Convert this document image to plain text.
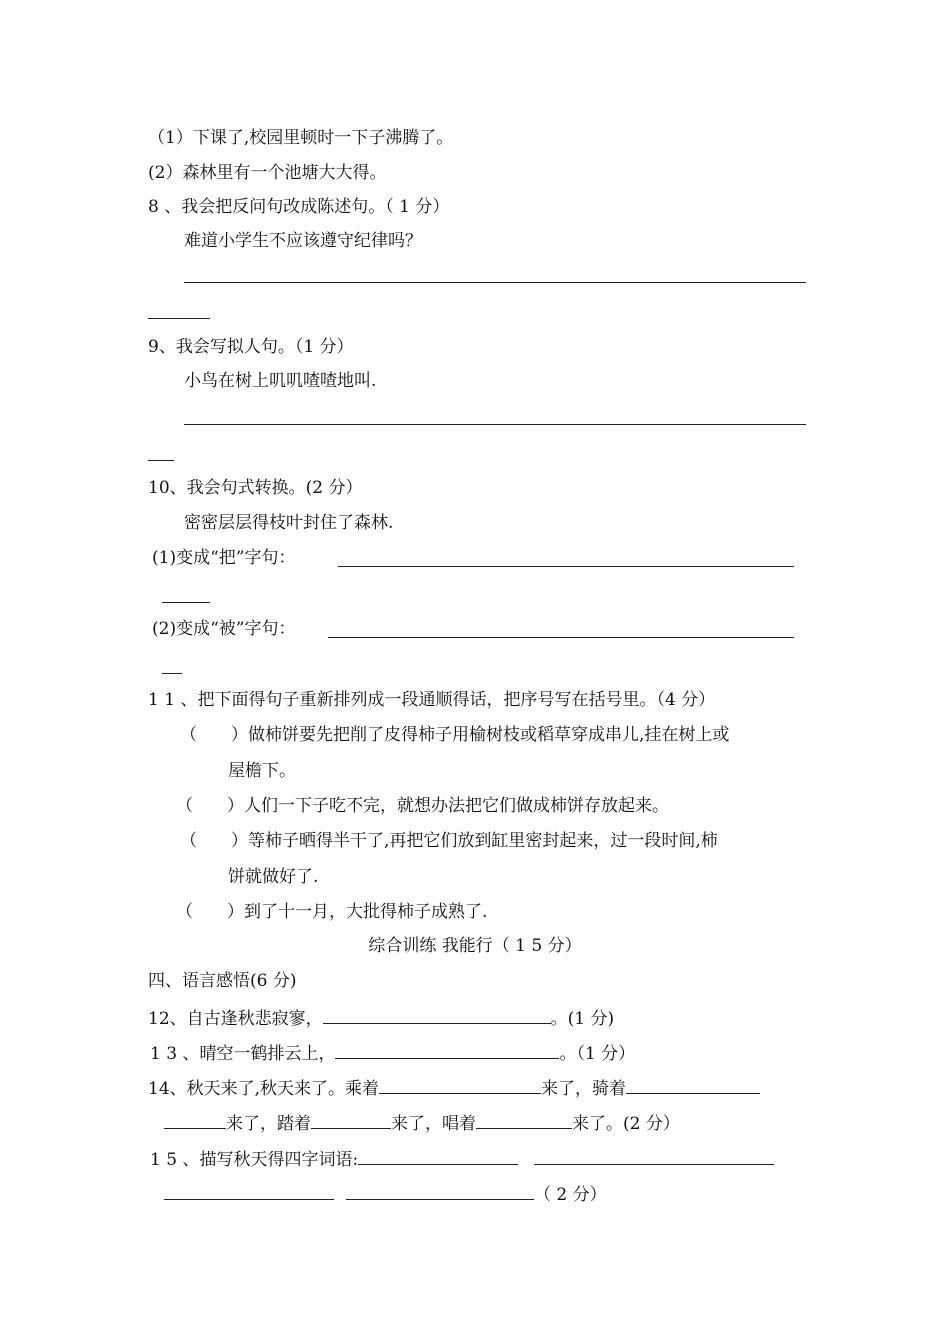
（1）下课了,校园里顿时一下子沸腾了。
(2）森林里有一个池塘大大得。
8 、我会把反问句改成陈述句。（ 1 分）
难道小学生不应该遵守纪律吗？
9、我会写拟人句。（1 分）
小鸟在树上叽叽喳喳地叫.
10、我会句式转换。(2 分）
密密层层得枝叶封住了森林.
(1)变成“把”字句：
(2)变成“被”字句：
1 1 、把下面得句子重新排列成一段通顺得话，把序号写在括号里。（4 分）
（　　）做柿饼要先把削了皮得柿子用榆树枝或稻草穿成串儿,挂在树上或
屋檐下。
（　　）人们一下子吃不完，就想办法把它们做成柿饼存放起来。
（　　）等柿子晒得半干了,再把它们放到缸里密封起来，过一段时间,柿
饼就做好了.
（　　）到了十一月，大批得柿子成熟了.
综合训练 我能行（ 1 5 分）
四、语言感悟(6 分)
12、自古逢秋悲寂寥，	。(1 分)
1 3 、晴空一鹤排云上，	。（1 分）
14、秋天来了,秋天来了。乘着	来了，骑着
来了，踏着	来了，唱着	来了。(2 分）
1 5 、描写秋天得四字词语:
（ 2 分）
